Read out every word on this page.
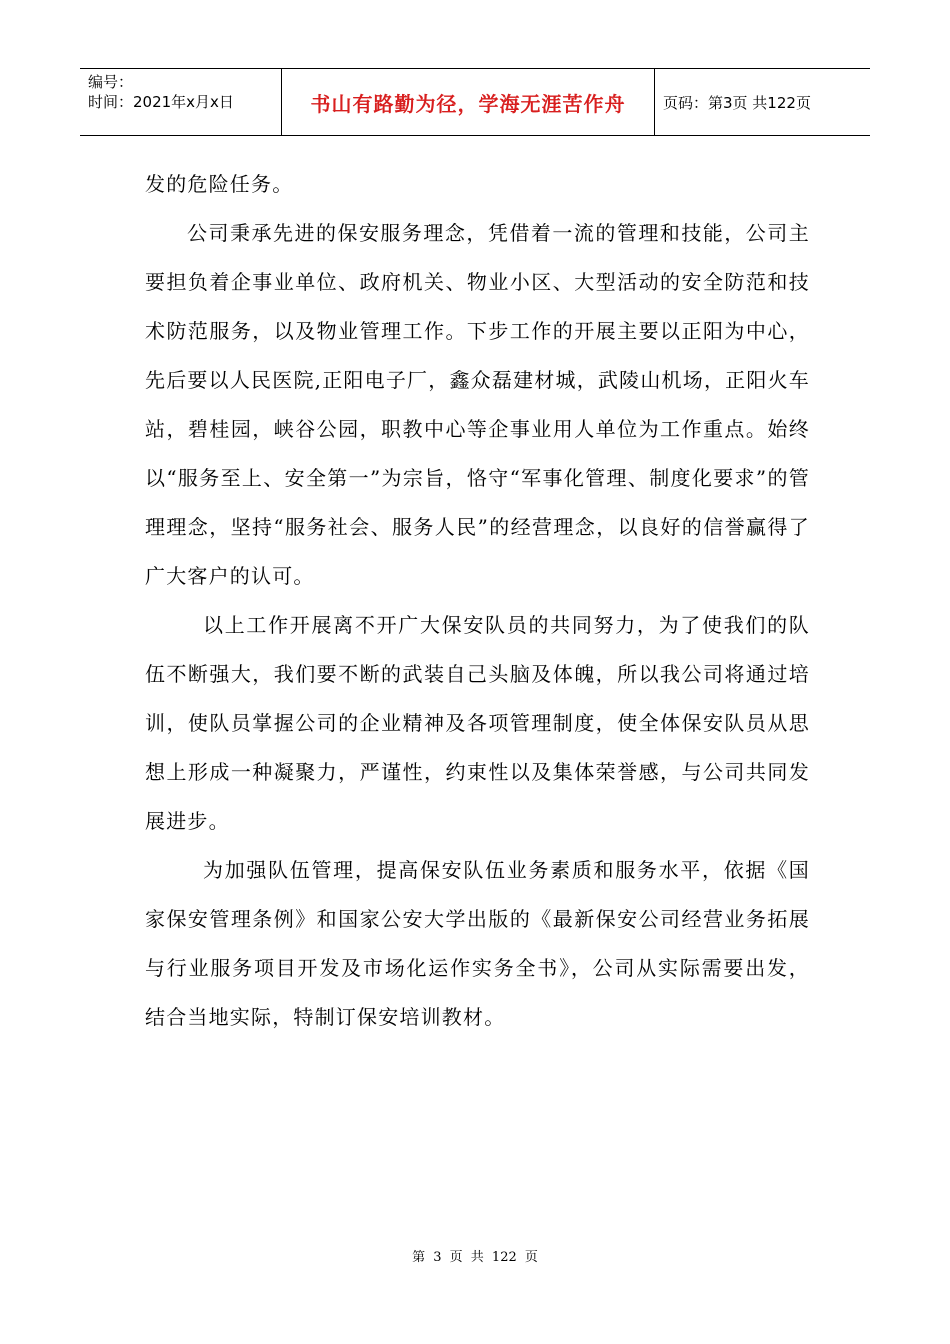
编号：
时间：2021年x月x日	书山有路勤为径，学海无涯苦作舟	页码：第3页 共122页

发的危险任务。

公司秉承先进的保安服务理念，凭借着一流的管理和技能，公司主要担负着企事业单位、政府机关、物业小区、大型活动的安全防范和技术防范服务，以及物业管理工作。下步工作的开展主要以正阳为中心，先后要以人民医院,正阳电子厂，鑫众磊建材城，武陵山机场，正阳火车站，碧桂园，峡谷公园，职教中心等企事业用人单位为工作重点。始终以“服务至上、安全第一”为宗旨，恪守“军事化管理、制度化要求”的管理理念，坚持“服务社会、服务人民”的经营理念，以良好的信誉赢得了广大客户的认可。

以上工作开展离不开广大保安队员的共同努力，为了使我们的队伍不断强大，我们要不断的武装自己头脑及体魄，所以我公司将通过培训，使队员掌握公司的企业精神及各项管理制度，使全体保安队员从思想上形成一种凝聚力，严谨性，约束性以及集体荣誉感，与公司共同发展进步。

为加强队伍管理，提高保安队伍业务素质和服务水平，依据《国家保安管理条例》和国家公安大学出版的《最新保安公司经营业务拓展与行业服务项目开发及市场化运作实务全书》，公司从实际需要出发，结合当地实际，特制订保安培训教材。

第 3 页 共 122 页
